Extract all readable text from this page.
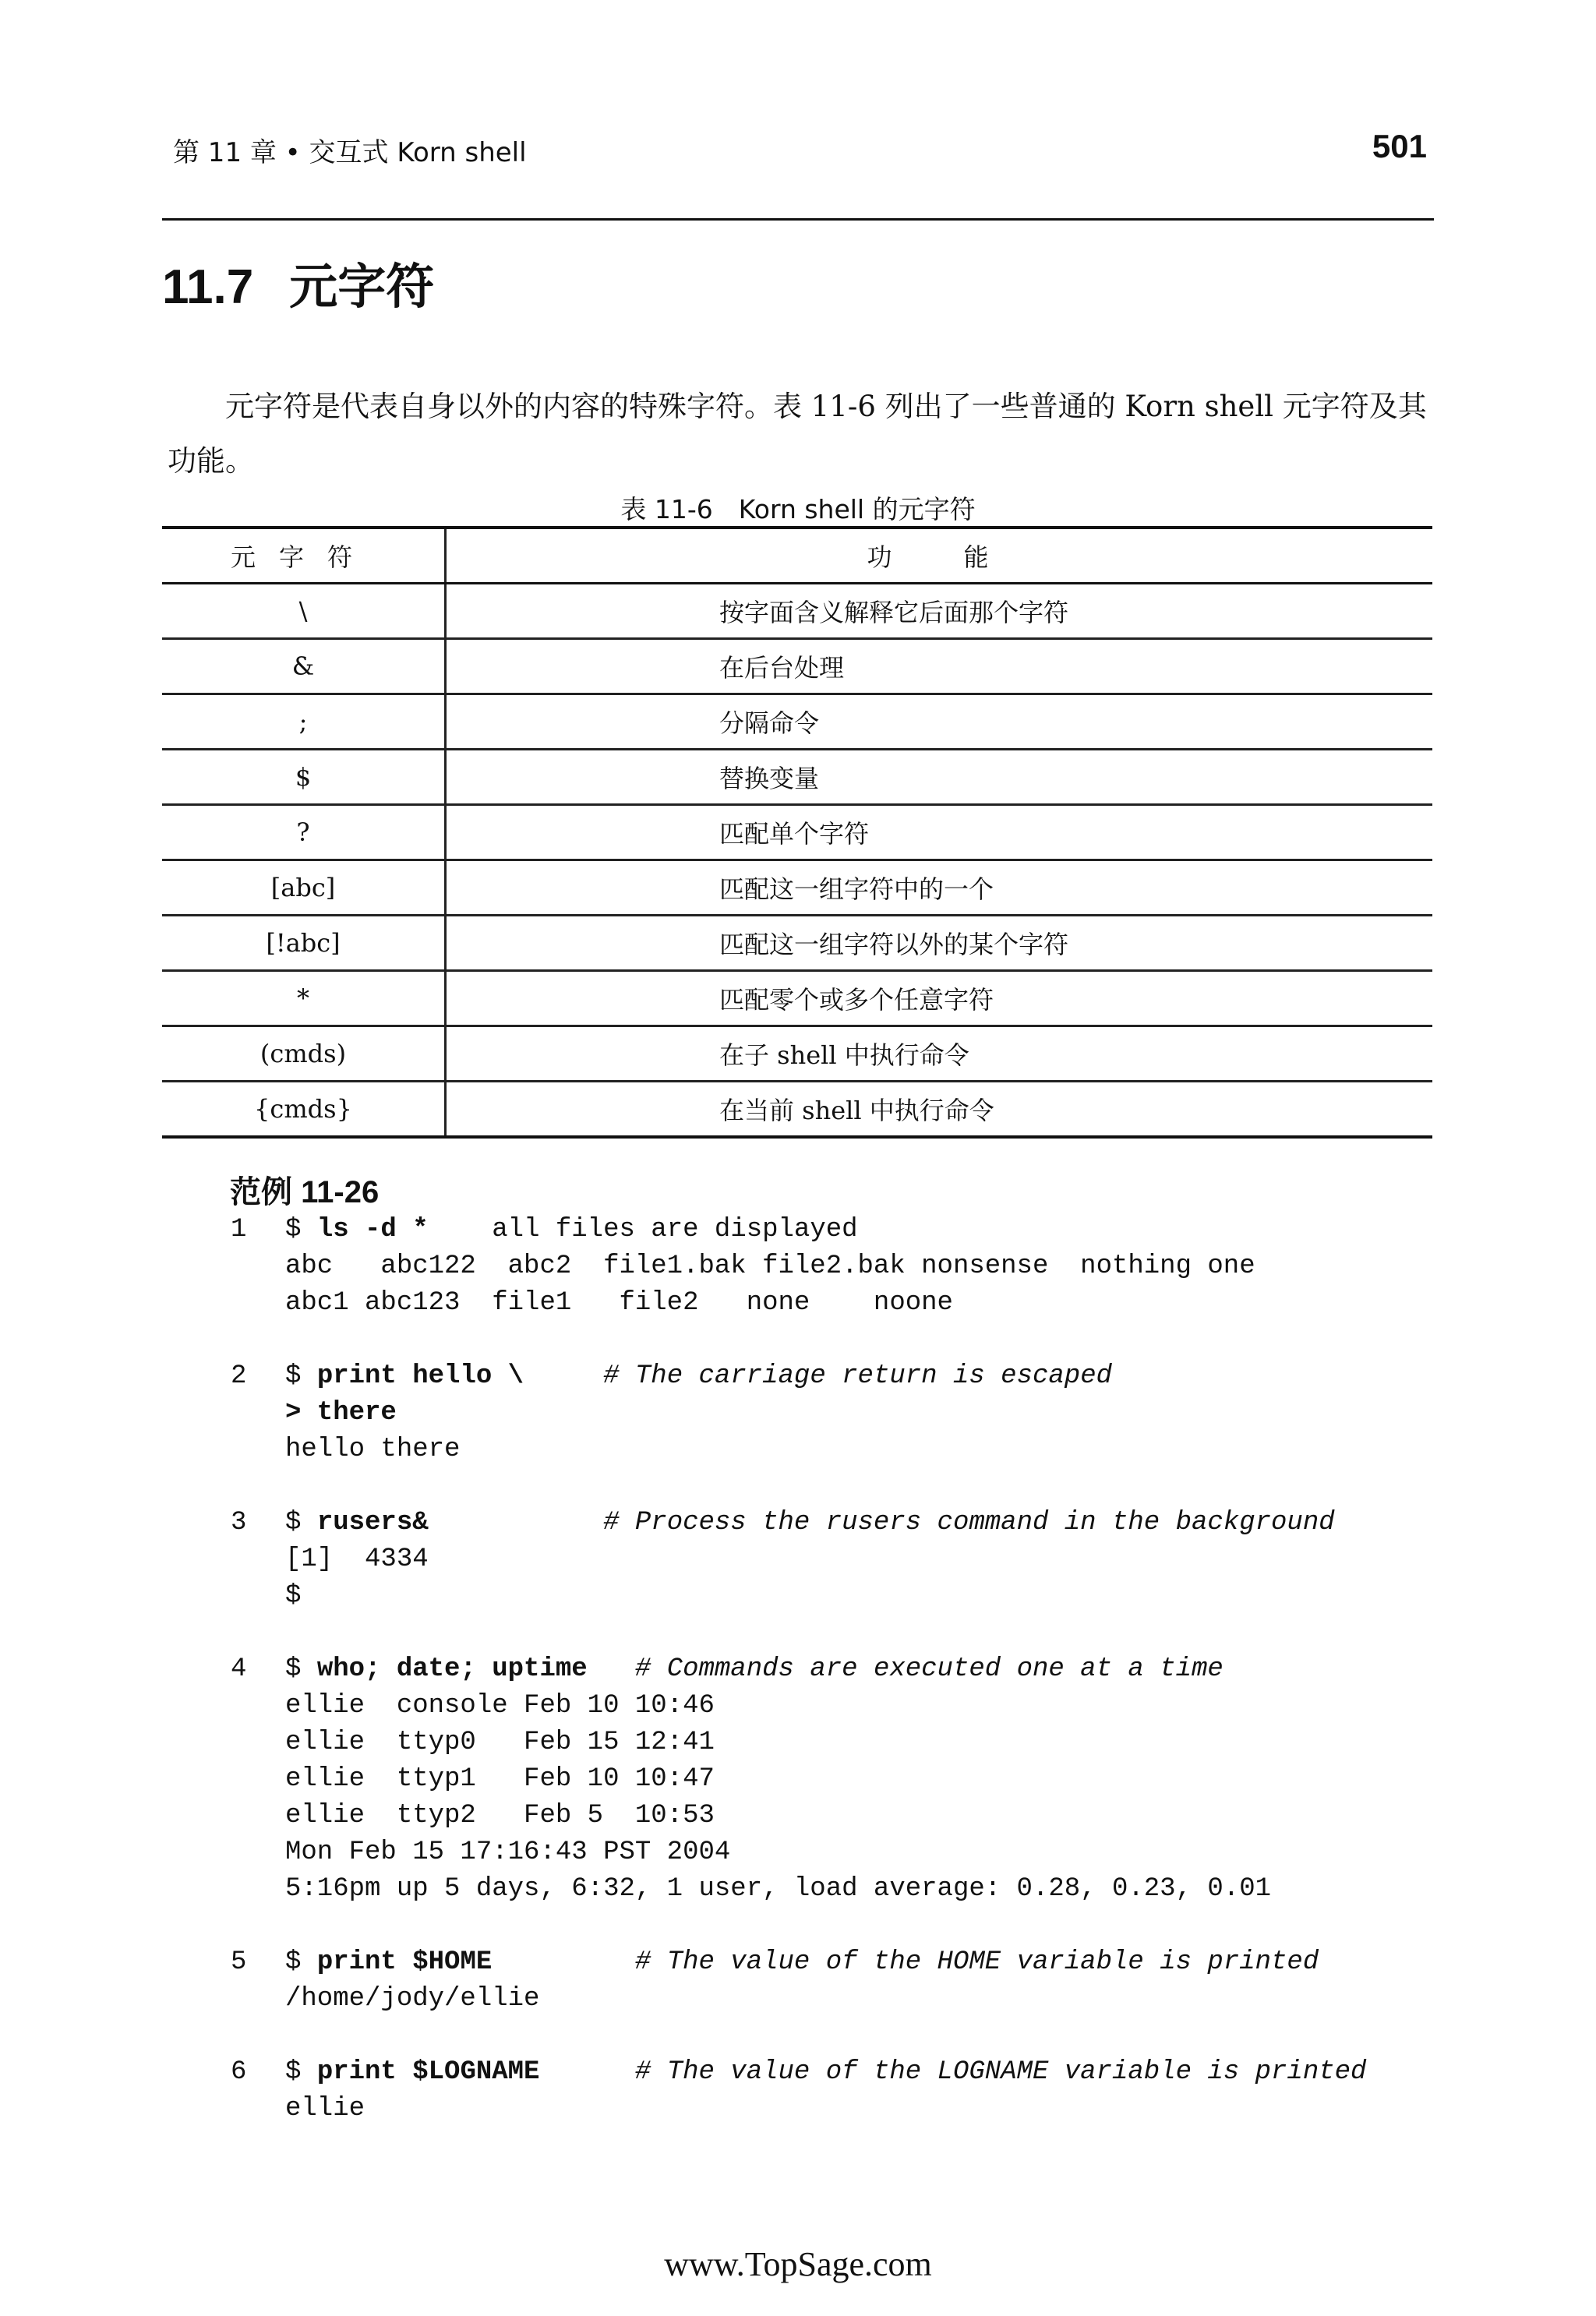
第 11 章 • 交互式 Korn shell	501
11.7 元字符

元字符是代表自身以外的内容的特殊字符。表 11-6 列出了一些普通的 Korn shell 元字符及其功能。

表 11-6　Korn shell 的元字符
元字符	功　能
\	按字面含义解释它后面那个字符
&	在后台处理
;	分隔命令
$	替换变量
?	匹配单个字符
[abc]	匹配这一组字符中的一个
[!abc]	匹配这一组字符以外的某个字符
*	匹配零个或多个任意字符
(cmds)	在子 shell 中执行命令
{cmds}	在当前 shell 中执行命令
范例 11-26
1 $ ls -d * all files are displayed
abc   abc122  abc2  file1.bak file2.bak nonsense  nothing one
abc1 abc123  file1   file2   none    noone
2 $ print hello \	# The carriage return is escaped
> there
hello there
3 $ rusers&	# Process the rusers command in the background
[1]  4334
$
4 $ who; date; uptime # Commands are executed one at a time
ellie  console Feb 10 10:46
ellie  ttyp0   Feb 15 12:41
ellie  ttyp1   Feb 10 10:47
ellie  ttyp2   Feb 5  10:53
Mon Feb 15 17:16:43 PST 2004
5:16pm up 5 days, 6:32, 1 user, load average: 0.28, 0.23, 0.01
5 $ print $HOME	# The value of the HOME variable is printed
/home/jody/ellie
6 $ print $LOGNAME	# The value of the LOGNAME variable is printed
ellie
www.TopSage.com
